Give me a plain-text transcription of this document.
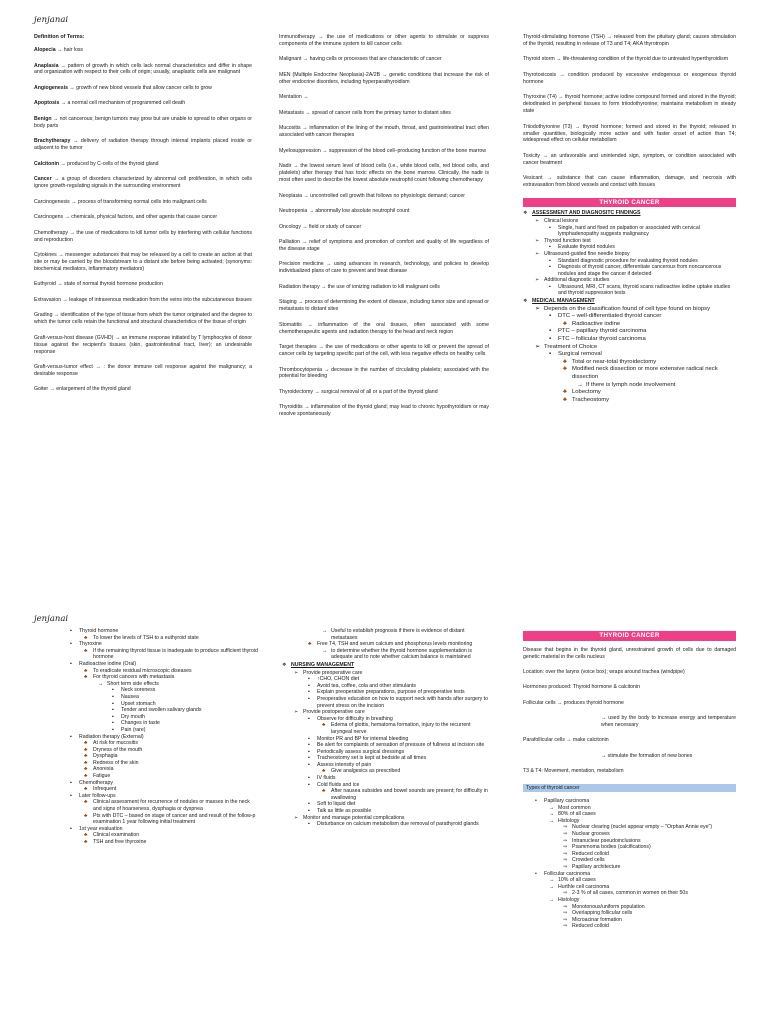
jenjanai
Definition of Terms:
Alopecia → hair loss
Anaplasia → pattern of growth in which cells lack normal characteristics and differ in shape and organization with respect to their cells of origin; usually, anaplastic cells are malignant
Angiogenesis → growth of new blood vessels that allow cancer cells to grow
Apoptosis → a normal cell mechanism of programmed cell death
Benign → not cancerous; benign tumors may grow but are unable to spread to other organs or body parts
Brachytherapy → delivery of radiation therapy through internal implants placed inside or adjacent to the tumor
Calcitonin → produced by C-cells of the thyroid gland
Cancer → a group of disorders characterized by abnormal cell proliferation, in which cells ignore growth-regulating signals in the surrounding environment
Carcinogenesis → process of transforming normal cells into malignant cells
Carcinogens → chemicals, physical factors, and other agents that cause cancer
Chemotherapy → the use of medications to kill tumor cells by interfering with cellular functions and reproduction
Cytokines → messenger substances that may be released by a cell to create an action at that site or may be carried by the bloodstream to a distant site before being activated; (synonyms: biochemical mediators, inflammatory mediators)
Euthyroid → state of normal thyroid hormone production
Extravasion → leakage of intravenous medication from the veins into the subcutaneous tissues
Grading → identification of the type of tissue from which the tumor originated and the degree to which the tumor cells retain the functional and structural characteristics of the tissue of origin
Graft-versus-host disease (GVHD) → an immune response initiated by T lymphocytes of donor tissue against the recipient's tissues (skin, gastrointestinal tract, liver); an undesirable response
Graft-versus-tumor effect → : the donor immune cell response against the malignancy; a desirable response
Goiter → enlargement of the thyroid gland
Immunotherapy → the use of medications or other agents to stimulate or suppress components of the immune system to kill cancer cells
Malignant → having cells or processes that are characteristic of cancer
MEN (Multiple Endocrine Neoplasia)-2A/2B → genetic conditions that increase the risk of other endocrine disorders, including hyperparathyroidism
Mentation →
Metastasis → spread of cancer cells from the primary tumor to distant sites
Mucositis → inflammation of the lining of the mouth, throat, and gastrointestinal tract often associated with cancer therapies
Myelosuppression → suppression of the blood cell–producing function of the bone marrow
Nadir → the lowest serum level of blood cells (i.e., white blood cells, red blood cells, and platelets) after therapy that has toxic effects on the bone marrow. Clinically, the nadir is most often used to describe the lowest absolute neutrophil count following chemotherapy
Neoplasia → uncontrolled cell growth that follows no physiologic demand; cancer
Neutropenia → abnormally low absolute neutrophil count
Oncology → field or study of cancer
Palliation → relief of symptoms and promotion of comfort and quality of life regardless of the disease stage
Precision medicine → using advances in research, technology, and policies to develop individualized plans of care to prevent and treat disease
Radiation therapy → the use of ionizing radiation to kill malignant cells
Staging → process of determining the extent of disease, including tumor size and spread or metastasis to distant sites
Stomatitis → inflammation of the oral tissues, often associated with some chemotherapeutic agents and radiation therapy to the head and neck region
Target therapies → the use of medications or other agents to kill or prevent the spread of cancer cells by targeting specific part of the cell, with less negative effects on healthy cells
Thrombocytopenia → decrease in the number of circulating platelets; associated with the potential for bleeding
Thyroidectomy → surgical removal of all or a part of the thyroid gland
Thyroiditis → inflammation of the thyroid gland; may lead to chronic hypothyroidism or may resolve spontaneously
Thyroid-stimulating hormone (TSH) → released from the pituitary gland; causes stimulation of the thyroid, resulting in release of T3 and T4; AKA thyrotropin
Thyroid storm → life-threatening condition of the thyroid due to untreated hyperthyroidism
Thyrotoxicosis → condition produced by excessive endogenous or exogenous thyroid hormone
Thyroxine (T4) → thyroid hormone; active iodine compound formed and stored in the thyroid; deiodinated in peripheral tissues to form triiodothyronine; maintains metabolism in steady state
Triiodothyronine (T3) → thyroid hormone; formed and stored in the thyroid; released in smaller quantities, biologically more active and with faster onset of action than T4; widespread effect on cellular metabolism
Toxicity → an unfavorable and unintended sign, symptom, or condition associated with cancer treatment
Vesicant → substance that can cause inflammation, damage, and necrosis with extravasation from blood vessels and contact with tissues
THYROID CANCER
❖ ASSESSMENT AND DIAGNOSITC FINDINGS
➢ Clinical lesions
▪ Single, hard and fixed on palpation or associated with cervical lymphadenopathy suggests malignancy
➢ Thyroid function test
▪ Evaluate thyroid nodules
➢ Ultrasound-guided fine needle biopsy
▪ Standard diagnostic procedure for evaluating thyroid nodules
▪ Diagnosis of thyroid cancer, differentiate cancerous from noncancerous nodules and stage the cancer if detected
➢ Additional diagnostic studies
▪ Ultrasound, MRI, CT scans, thyroid scans radioactive iodine uptake studies and thyroid suppression tests
❖ MEDICAL MANAGEMENT
➢ Depends on the classification found of cell type found on biopsy
▪ DTC – well-differentiated thyroid cancer
♣ Radioactive iodine
▪ PTC – papillary thyroid carcinoma
▪ FTC – follicular thyroid carcinoma
➢ Treatment of Choice
▪ Surgical removal
♣ Total or near-total thyroidectomy
♣ Modified neck dissection or more extensive radical neck dissection
→ If there is lymph node involvement
♣ Lobectomy
♣ Tracheostomy
jenjanai
▪ Thyroid hormone
♣ To lower the levels of TSH to a euthyroid state
▪ Thyroxine
♣ If the remaining thyroid tissue is inadequate to produce sufficient thyroid hormone
▪ Radioactive iodine (Oral)
♣ To eradicate residual microscopic diseases
♣ For thyroid cancers with metastasis
→ Short term side effects
▪ Neck soreness
▪ Nausea
▪ Upset stomach
▪ Tender and swollen salivary glands
▪ Dry mouth
▪ Changes in taste
▪ Pain (rare)
▪ Radiation therapy (External)
♣ At risk for mucositis
♣ Dryness of the mouth
♣ Dysphagia
♣ Redness of the skin
♣ Anorexia
♣ Fatigue
▪ Chemotherapy
♣ Infrequent
▪ Later follow-ups
♣ Clinical assessment for recurrence of nodules or masses in the neck and signs of hoarseness, dysphagia or dyspnea
♣ Pts with DTC – based on stage of cancer and and result of the follow-p examination 1 year following initial treatment
▪ 1st year evaluation
♣ Clinical examination
♣ TSH and free thyroxine
→ Useful to establish prognosis if there is evidence of distant metastases
♣ Free T4, TSH and serum calcium and phosphorus levels monitoring
→ to determine whether the thyroid hormone supplementation is adequate and to note whether calcium balance is maintained
❖ NURSING MANAGEMENT
➢ Provide preoperative care
▪ ↑CHO, CHON diet
▪ Avoid tea, coffee, cola and other stimulants
▪ Explain preoperative preparations, purpose of preoperative tests
▪ Preoperative education on how to support neck with hands after surgery to prevent stress on the incision
➢ Provide postoperative care
▪ Observe for difficulty in breathing
♣ Edema of glottis, hematoma formation, injury to the recurrent laryngeal nerve
▪ Monitor PR and BP for internal bleeding
▪ Be alert for complaints of sensation of pressure of fullness at incision site
▪ Periodically assess surgical dressings
▪ Tracheostomy set is kept at bedside at all times
▪ Assess intensity of pain
♣ Give analgesics as prescribed
▪ IV fluids
▪ Cold fluids and ice
♣ After nausea subsides and bowel sounds are present; for difficulty in swallowing
▪ Soft to liquid diet
▪ Talk as little as possible
➢ Monitor and manage potential complications
▪ Disturbance on calcium metabolism due removal of parathyroid glands
THYROID CANCER
Disease that begins in the thyroid gland, unrestrained growth of cells due to damaged genetic material in the cells nucleus
Location: over the larynx (voice box); wraps around trachea (windpipe)
Hormones produced: Thyroid hormone & calcitonin
Follicular cells → produces thyroid hormone
→ used by the body to increase energy and temperature when necessary
Parafollicular cells → make calcitonin
→ stimulate the formation of new bones
T3 & T4: Movement, mentation, metabolism
Types of thyroid cancer
• Papillary carcinoma
→ Most common
→ 80% of all cases
→ Histology
⇒ Nuclear clearing (nuclei appear empty – "Orphan Annie eye")
⇒ Nuclear grooves
⇒ Intranuclear pseudoinclusions
⇒ Psammoma bodies (calcifications)
⇒ Reduced colloid
⇒ Crowded cells
⇒ Papillary architecture
• Follicular carcinoma
→ 10% of all cases
→ Hurthle cell carcinoma
⇒ 2-3 % of all cases, common in women on their 50s
→ Histology
⇒ Monotonous/uniform population
⇒ Overlapping follicular cells
⇒ Microacinar formation
⇒ Reduced colloid
